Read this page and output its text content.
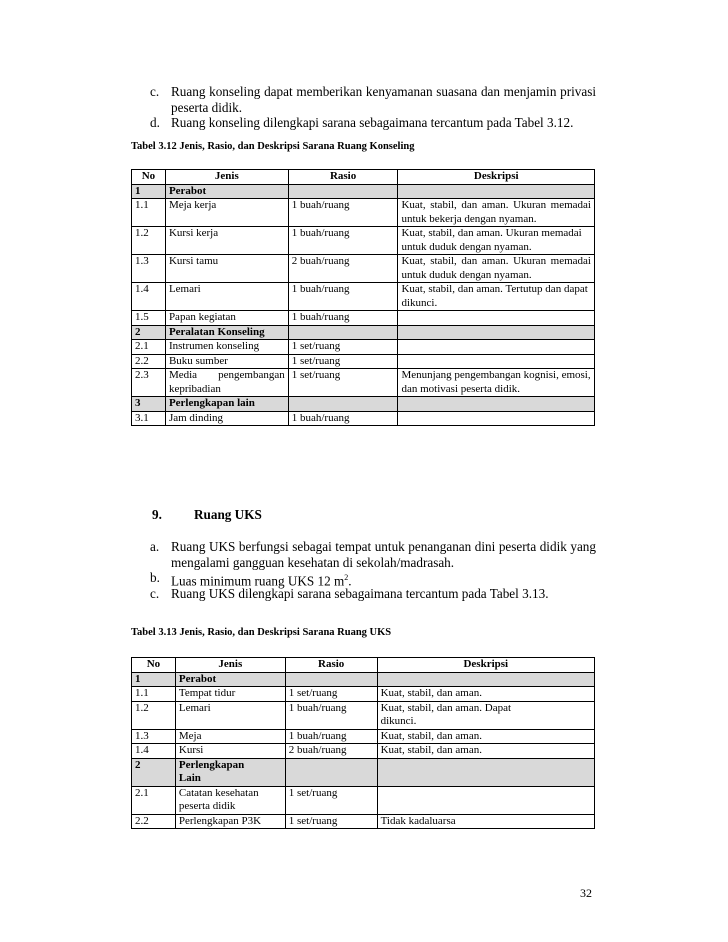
c. Ruang konseling dapat memberikan kenyamanan suasana dan menjamin privasi peserta didik.
d. Ruang konseling dilengkapi sarana sebagaimana tercantum pada Tabel 3.12.
Tabel 3.12 Jenis, Rasio, dan Deskripsi Sarana Ruang Konseling
No	Jenis	Rasio	Deskripsi
1	Perabot		
1.1	Meja kerja	1 buah/ruang	Kuat, stabil, dan aman. Ukuran memadai untuk bekerja dengan nyaman.
1.2	Kursi kerja	1 buah/ruang	Kuat, stabil, dan aman. Ukuran memadai untuk duduk dengan nyaman.
1.3	Kursi tamu	2 buah/ruang	Kuat, stabil, dan aman. Ukuran memadai untuk duduk dengan nyaman.
1.4	Lemari	1 buah/ruang	Kuat, stabil, dan aman. Tertutup dan dapat dikunci.
1.5	Papan kegiatan	1 buah/ruang	
2	Peralatan Konseling		
2.1	Instrumen konseling	1 set/ruang	
2.2	Buku sumber	1 set/ruang	
2.3	Media pengembangan kepribadian	1 set/ruang	Menunjang pengembangan kognisi, emosi, dan motivasi peserta didik.
3	Perlengkapan lain		
3.1	Jam dinding	1 buah/ruang	
9. Ruang UKS
a. Ruang UKS berfungsi sebagai tempat untuk penanganan dini peserta didik yang mengalami gangguan kesehatan di sekolah/madrasah.
b. Luas minimum ruang UKS 12 $m^2$.
c. Ruang UKS dilengkapi sarana sebagaimana tercantum pada Tabel 3.13.
Tabel 3.13 Jenis, Rasio, dan Deskripsi Sarana Ruang UKS
No	Jenis	Rasio	Deskripsi
1	Perabot		
1.1	Tempat tidur	1 set/ruang	Kuat, stabil, dan aman.
1.2	Lemari	1 buah/ruang	Kuat, stabil, dan aman. Dapat dikunci.
1.3	Meja	1 buah/ruang	Kuat, stabil, dan aman.
1.4	Kursi	2 buah/ruang	Kuat, stabil, dan aman.
2	Perlengkapan Lain		
2.1	Catatan kesehatan peserta didik	1 set/ruang	
2.2	Perlengkapan P3K	1 set/ruang	Tidak kadaluarsa
32
